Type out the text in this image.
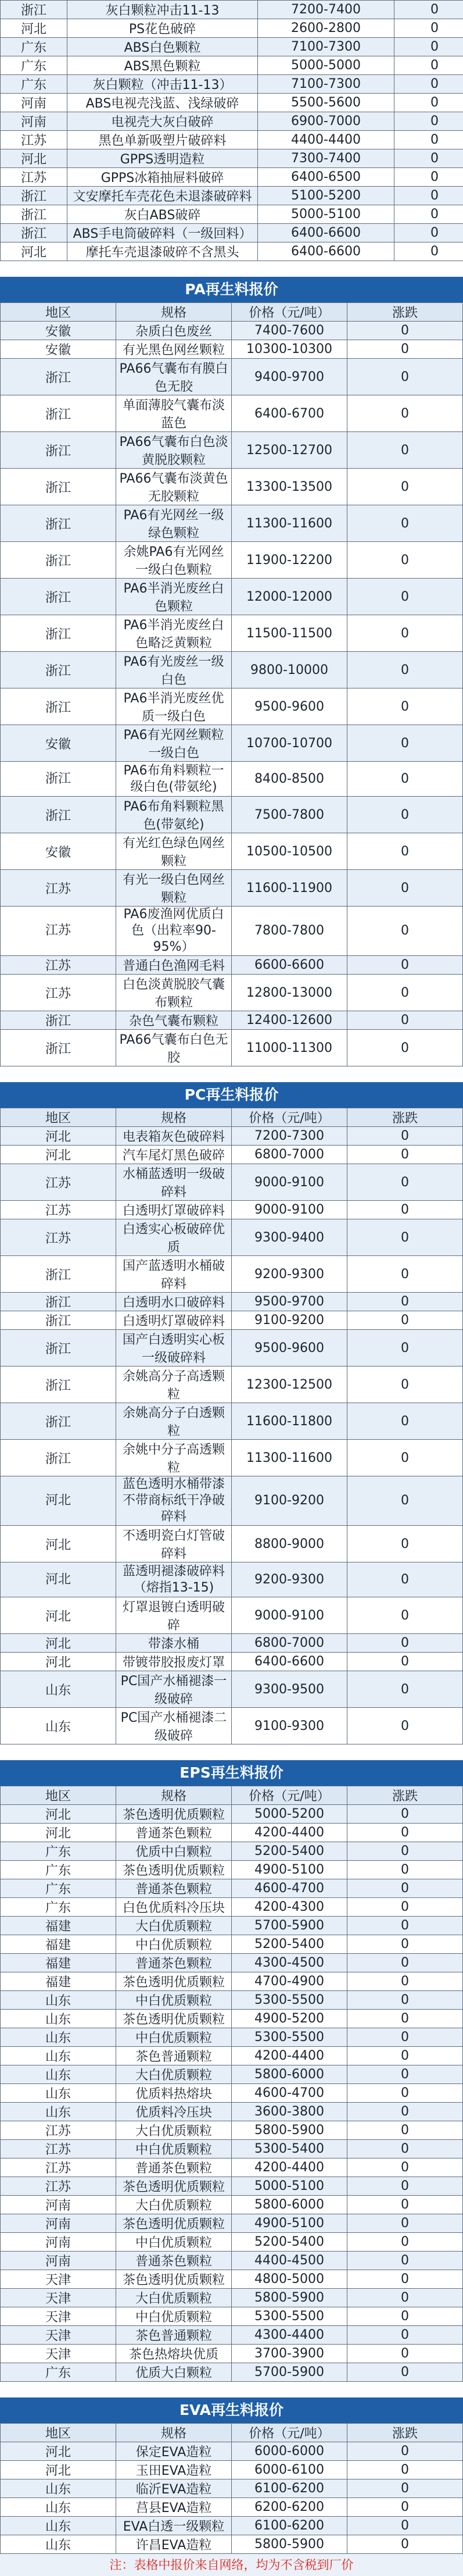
浙江	灰白颗粒冲击11-13	7200-7400	0
河北	PS花色破碎	2600-2800	0
广东	ABS白色颗粒	7100-7300	0
广东	ABS黑色颗粒	5000-5000	0
广东	灰白颗粒（冲击11-13）	7100-7300	0
河南	ABS电视壳浅蓝、浅绿破碎	5500-5600	0
河南	电视壳大灰白破碎	6900-7000	0
江苏	黑色单新吸塑片破碎料	4400-4400	0
河北	GPPS透明造粒	7300-7400	0
江苏	GPPS冰箱抽屉料破碎	6400-6500	0
浙江	文安摩托车壳花色未退漆破碎料	5100-5200	0
浙江	灰白ABS破碎	5000-5100	0
浙江	ABS手电筒破碎料（一级回料）	6400-6600	0
河北	摩托车壳退漆破碎不含黑头	6400-6600	0
PA再生料报价
地区	规格	价格（元/吨）	涨跌
安徽	杂质白色废丝	7400-7600	0
安徽	有光黑色网丝颗粒	10300-10300	0
浙江	PA66气囊布有膜白色无胶	9400-9700	0
浙江	单面薄胶气囊布淡蓝色	6400-6700	0
浙江	PA66气囊布白色淡黄脱胶颗粒	12500-12700	0
浙江	PA66气囊布淡黄色无胶颗粒	13300-13500	0
浙江	PA6有光网丝一级绿色颗粒	11300-11600	0
浙江	余姚PA6有光网丝一级白色颗粒	11900-12200	0
浙江	PA6半消光废丝白色颗粒	12000-12000	0
浙江	PA6半消光废丝白色略泛黄颗粒	11500-11500	0
浙江	PA6有光废丝一级白色	9800-10000	0
浙江	PA6半消光废丝优质一级白色	9500-9600	0
安徽	PA6有光网丝颗粒一级白色	10700-10700	0
浙江	PA6布角料颗粒一级白色(带氨纶)	8400-8500	0
浙江	PA6布角料颗粒黑色(带氨纶)	7500-7800	0
安徽	有光红色绿色网丝颗粒	10500-10500	0
江苏	有光一级白色网丝颗粒	11600-11900	0
江苏	PA6废渔网优质白色（出粒率90-95%）	7800-7800	0
江苏	普通白色渔网毛料	6600-6600	0
江苏	白色淡黄脱胶气囊布颗粒	12800-13000	0
浙江	杂色气囊布颗粒	12400-12600	0
浙江	PA66气囊布白色无胶	11000-11300	0
PC再生料报价
地区	规格	价格（元/吨）	涨跌
河北	电表箱灰色破碎料	7200-7300	0
河北	汽车尾灯黑色破碎	6800-7000	0
江苏	水桶蓝透明一级破碎料	9000-9100	0
江苏	白透明灯罩破碎料	9000-9100	0
江苏	白透实心板破碎优质	9300-9400	0
浙江	国产蓝透明水桶破碎料	9200-9300	0
浙江	白透明水口破碎料	9500-9700	0
浙江	白透明灯罩破碎料	9100-9200	0
浙江	国产白透明实心板一级破碎料	9500-9600	0
浙江	余姚高分子高透颗粒	12300-12500	0
浙江	余姚高分子白透颗粒	11600-11800	0
浙江	余姚中分子高透颗粒	11300-11600	0
河北	蓝色透明水桶带漆不带商标纸干净破碎料	9100-9200	0
河北	不透明瓷白灯管破碎料	8800-9000	0
河北	蓝透明褪漆破碎料（熔指13-15)	9200-9300	0
河北	灯罩退镀白透明破碎	9000-9100	0
河北	带漆水桶	6800-7000	0
河北	带镀带胶报废灯罩	6400-6600	0
山东	PC国产水桶褪漆一级破碎	9300-9500	0
山东	PC国产水桶褪漆二级破碎	9100-9300	0
EPS再生料报价
地区	规格	价格（元/吨）	涨跌
河北	茶色透明优质颗粒	5000-5200	0
河北	普通茶色颗粒	4200-4400	0
广东	优质中白颗粒	5200-5400	0
广东	茶色透明优质颗粒	4900-5100	0
广东	普通茶色颗粒	4600-4700	0
广东	白色优质料冷压块	4200-4300	0
福建	大白优质颗粒	5700-5900	0
福建	中白优质颗粒	5200-5400	0
福建	普通茶色颗粒	4300-4500	0
福建	茶色透明优质颗粒	4700-4900	0
山东	中白优质颗粒	5300-5500	0
山东	茶色透明优质颗粒	4900-5200	0
山东	中白优质颗粒	5300-5500	0
山东	茶色普通颗粒	4200-4400	0
山东	大白优质颗粒	5800-6000	0
山东	优质料热熔块	4600-4700	0
山东	优质料冷压块	3600-3800	0
江苏	大白优质颗粒	5800-5900	0
江苏	中白优质颗粒	5300-5400	0
江苏	普通茶色颗粒	4200-4400	0
江苏	茶色透明优质颗粒	5000-5100	0
河南	大白优质颗粒	5800-6000	0
河南	茶色透明优质颗粒	4900-5100	0
河南	中白优质颗粒	5200-5400	0
河南	普通茶色颗粒	4400-4500	0
天津	茶色透明优质颗粒	4800-5000	0
天津	大白优质颗粒	5800-5900	0
天津	中白优质颗粒	5300-5500	0
天津	茶色普通颗粒	4300-4400	0
天津	茶色热熔块优质	3700-3900	0
广东	优质大白颗粒	5700-5900	0
EVA再生料报价
地区	规格	价格（元/吨）	涨跌
河北	保定EVA造粒	6000-6000	0
河北	玉田EVA造粒	6000-6100	0
山东	临沂EVA造粒	6100-6200	0
山东	莒县EVA造粒	6200-6200	0
山东	EVA白透一级颗粒	6100-6200	0
山东	许昌EVA造粒	5800-5900	0
注：表格中报价来自网络，均为不含税到厂价
